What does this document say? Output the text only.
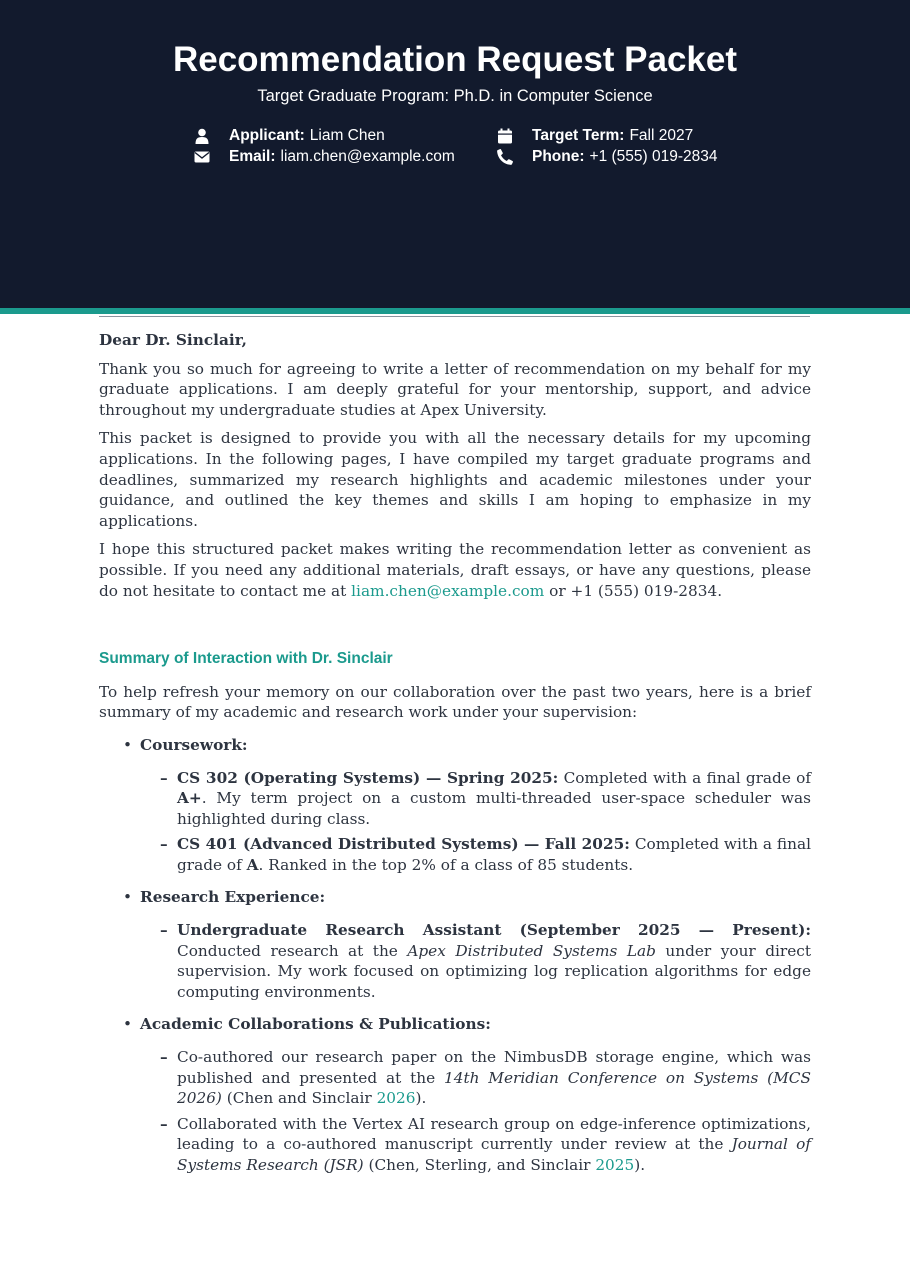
Recommendation Request Packet
Target Graduate Program: Ph.D. in Computer Science
Applicant: Liam Chen
Email: liam.chen@example.com
Target Term: Fall 2027
Phone: +1 (555) 019-2834

Dear Dr. Sinclair,

Thank you so much for agreeing to write a letter of recommendation on my behalf for my graduate applications. I am deeply grateful for your mentorship, support, and advice throughout my undergraduate studies at Apex University.

This packet is designed to provide you with all the necessary details for my upcoming applications. In the following pages, I have compiled my target graduate programs and deadlines, summarized my research highlights and academic milestones under your guidance, and outlined the key themes and skills I am hoping to emphasize in my applications.

I hope this structured packet makes writing the recommendation letter as convenient as possible. If you need any additional materials, draft essays, or have any questions, please do not hesitate to contact me at liam.chen@example.com or +1 (555) 019-2834.

Summary of Interaction with Dr. Sinclair

To help refresh your memory on our collaboration over the past two years, here is a brief summary of my academic and research work under your supervision:

• Coursework:
– CS 302 (Operating Systems) — Spring 2025: Completed with a final grade of A+. My term project on a custom multi-threaded user-space scheduler was highlighted during class.
– CS 401 (Advanced Distributed Systems) — Fall 2025: Completed with a final grade of A. Ranked in the top 2% of a class of 85 students.
• Research Experience:
– Undergraduate Research Assistant (September 2025 — Present): Conducted research at the Apex Distributed Systems Lab under your direct supervision. My work focused on optimizing log replication algorithms for edge computing environments.
• Academic Collaborations & Publications:
– Co-authored our research paper on the NimbusDB storage engine, which was published and presented at the 14th Meridian Conference on Systems (MCS 2026) (Chen and Sinclair 2026).
– Collaborated with the Vertex AI research group on edge-inference optimizations, leading to a co-authored manuscript currently under review at the Journal of Systems Research (JSR) (Chen, Sterling, and Sinclair 2025).
